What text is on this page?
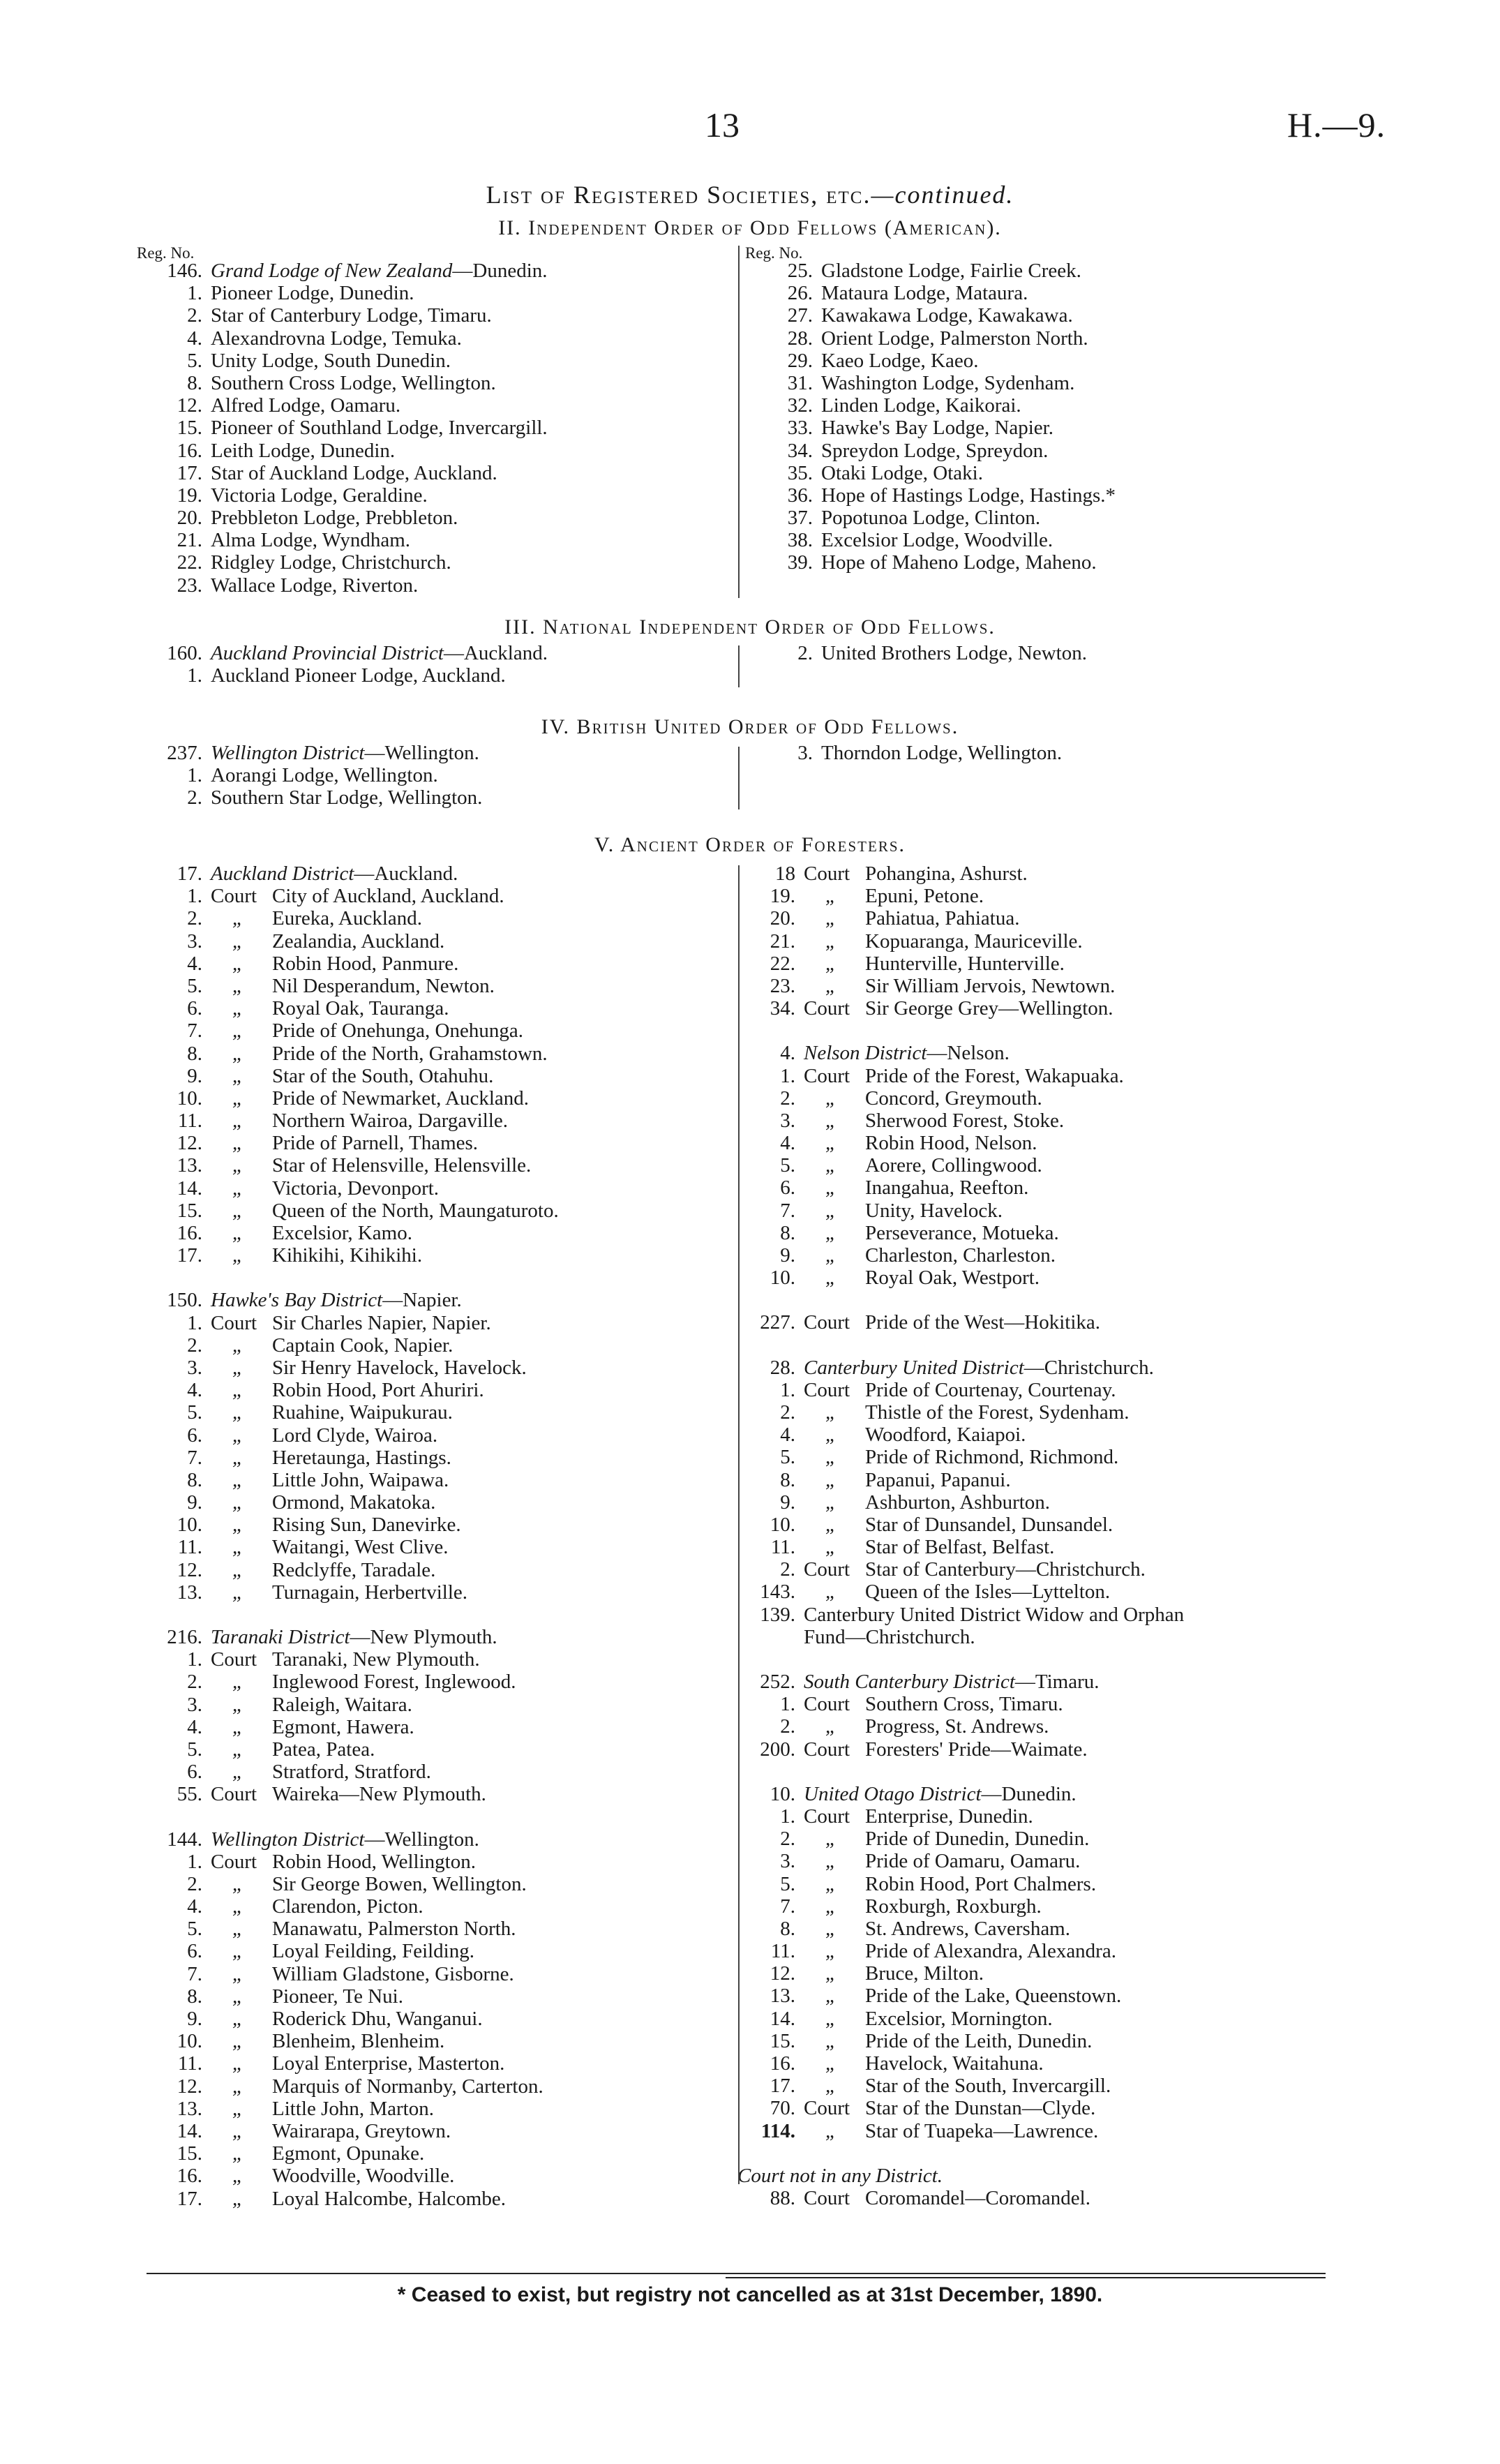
13	H.—9.
List of Registered Societies, etc.—continued.
II. Independent Order of Odd Fellows (American).
Reg. No.	Reg. No.
146. Grand Lodge of New Zealand—Dunedin.
1. Pioneer Lodge, Dunedin.
2. Star of Canterbury Lodge, Timaru.
4. Alexandrovna Lodge, Temuka.
5. Unity Lodge, South Dunedin.
8. Southern Cross Lodge, Wellington.
12. Alfred Lodge, Oamaru.
15. Pioneer of Southland Lodge, Invercargill.
16. Leith Lodge, Dunedin.
17. Star of Auckland Lodge, Auckland.
19. Victoria Lodge, Geraldine.
20. Prebbleton Lodge, Prebbleton.
21. Alma Lodge, Wyndham.
22. Ridgley Lodge, Christchurch.
23. Wallace Lodge, Riverton.
25. Gladstone Lodge, Fairlie Creek.
26. Mataura Lodge, Mataura.
27. Kawakawa Lodge, Kawakawa.
28. Orient Lodge, Palmerston North.
29. Kaeo Lodge, Kaeo.
31. Washington Lodge, Sydenham.
32. Linden Lodge, Kaikorai.
33. Hawke's Bay Lodge, Napier.
34. Spreydon Lodge, Spreydon.
35. Otaki Lodge, Otaki.
36. Hope of Hastings Lodge, Hastings.*
37. Popotunoa Lodge, Clinton.
38. Excelsior Lodge, Woodville.
39. Hope of Maheno Lodge, Maheno.
III. National Independent Order of Odd Fellows.
160. Auckland Provincial District—Auckland.
1. Auckland Pioneer Lodge, Auckland.
2. United Brothers Lodge, Newton.
IV. British United Order of Odd Fellows.
237. Wellington District—Wellington.
1. Aorangi Lodge, Wellington.
2. Southern Star Lodge, Wellington.
3. Thorndon Lodge, Wellington.
V. Ancient Order of Foresters.
17. Auckland District—Auckland.
1. Court City of Auckland, Auckland.
2. „ Eureka, Auckland.
3. „ Zealandia, Auckland.
4. „ Robin Hood, Panmure.
5. „ Nil Desperandum, Newton.
6. „ Royal Oak, Tauranga.
7. „ Pride of Onehunga, Onehunga.
8. „ Pride of the North, Grahamstown.
9. „ Star of the South, Otahuhu.
10. „ Pride of Newmarket, Auckland.
11. „ Northern Wairoa, Dargaville.
12. „ Pride of Parnell, Thames.
13. „ Star of Helensville, Helensville.
14. „ Victoria, Devonport.
15. „ Queen of the North, Maungaturoto.
16. „ Excelsior, Kamo.
17. „ Kihikihi, Kihikihi.
150. Hawke's Bay District—Napier.
1. Court Sir Charles Napier, Napier.
2. „ Captain Cook, Napier.
3. „ Sir Henry Havelock, Havelock.
4. „ Robin Hood, Port Ahuriri.
5. „ Ruahine, Waipukurau.
6. „ Lord Clyde, Wairoa.
7. „ Heretaunga, Hastings.
8. „ Little John, Waipawa.
9. „ Ormond, Makatoka.
10. „ Rising Sun, Danevirke.
11. „ Waitangi, West Clive.
12. „ Redclyffe, Taradale.
13. „ Turnagain, Herbertville.
216. Taranaki District—New Plymouth.
1. Court Taranaki, New Plymouth.
2. „ Inglewood Forest, Inglewood.
3. „ Raleigh, Waitara.
4. „ Egmont, Hawera.
5. „ Patea, Patea.
6. „ Stratford, Stratford.
55. Court Waireka—New Plymouth.
144. Wellington District—Wellington.
1. Court Robin Hood, Wellington.
2. „ Sir George Bowen, Wellington.
4. „ Clarendon, Picton.
5. „ Manawatu, Palmerston North.
6. „ Loyal Feilding, Feilding.
7. „ William Gladstone, Gisborne.
8. „ Pioneer, Te Nui.
9. „ Roderick Dhu, Wanganui.
10. „ Blenheim, Blenheim.
11. „ Loyal Enterprise, Masterton.
12. „ Marquis of Normanby, Carterton.
13. „ Little John, Marton.
14. „ Wairarapa, Greytown.
15. „ Egmont, Opunake.
16. „ Woodville, Woodville.
17. „ Loyal Halcombe, Halcombe.
18 Court Pohangina, Ashurst.
19. „ Epuni, Petone.
20. „ Pahiatua, Pahiatua.
21. „ Kopuaranga, Mauriceville.
22. „ Hunterville, Hunterville.
23. „ Sir William Jervois, Newtown.
34. Court Sir George Grey—Wellington.
4. Nelson District—Nelson.
1. Court Pride of the Forest, Wakapuaka.
2. „ Concord, Greymouth.
3. „ Sherwood Forest, Stoke.
4. „ Robin Hood, Nelson.
5. „ Aorere, Collingwood.
6. „ Inangahua, Reefton.
7. „ Unity, Havelock.
8. „ Perseverance, Motueka.
9. „ Charleston, Charleston.
10. „ Royal Oak, Westport.
227. Court Pride of the West—Hokitika.
28. Canterbury United District—Christchurch.
1. Court Pride of Courtenay, Courtenay.
2. „ Thistle of the Forest, Sydenham.
4. „ Woodford, Kaiapoi.
5. „ Pride of Richmond, Richmond.
8. „ Papanui, Papanui.
9. „ Ashburton, Ashburton.
10. „ Star of Dunsandel, Dunsandel.
11. „ Star of Belfast, Belfast.
2. Court Star of Canterbury—Christchurch.
143. „ Queen of the Isles—Lyttelton.
139. Canterbury United District Widow and Orphan
Fund—Christchurch.
252. South Canterbury District—Timaru.
1. Court Southern Cross, Timaru.
2. „ Progress, St. Andrews.
200. Court Foresters' Pride—Waimate.
10. United Otago District—Dunedin.
1. Court Enterprise, Dunedin.
2. „ Pride of Dunedin, Dunedin.
3. „ Pride of Oamaru, Oamaru.
5. „ Robin Hood, Port Chalmers.
7. „ Roxburgh, Roxburgh.
8. „ St. Andrews, Caversham.
11. „ Pride of Alexandra, Alexandra.
12. „ Bruce, Milton.
13. „ Pride of the Lake, Queenstown.
14. „ Excelsior, Mornington.
15. „ Pride of the Leith, Dunedin.
16. „ Havelock, Waitahuna.
17. „ Star of the South, Invercargill.
70. Court Star of the Dunstan—Clyde.
114. „ Star of Tuapeka—Lawrence.
Court not in any District.
88. Court Coromandel—Coromandel.
* Ceased to exist, but registry not cancelled as at 31st December, 1890.
